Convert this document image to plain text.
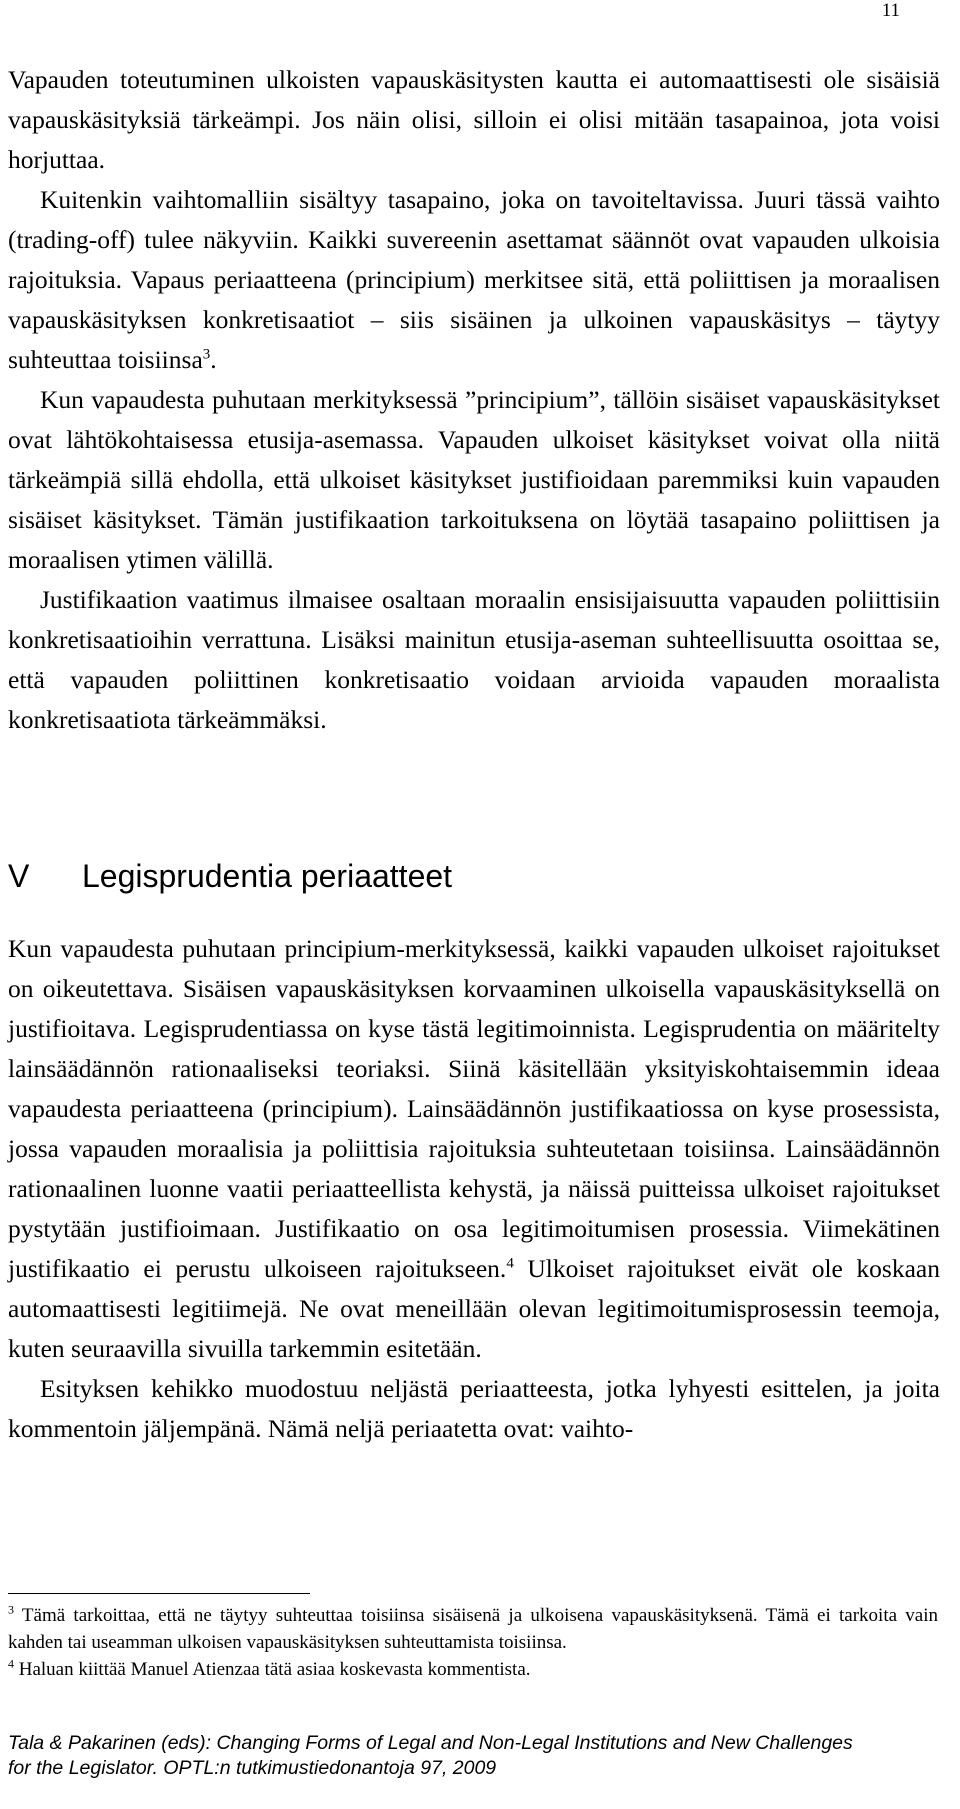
11

Vapauden toteutuminen ulkoisten vapauskäsitysten kautta ei automaattisesti ole sisäisiä vapauskäsityksiä tärkeämpi. Jos näin olisi, silloin ei olisi mitään tasapainoa, jota voisi horjuttaa.

Kuitenkin vaihtomalliin sisältyy tasapaino, joka on tavoiteltavissa. Juuri tässä vaihto (trading-off) tulee näkyviin. Kaikki suvereenin asettamat säännöt ovat vapauden ulkoisia rajoituksia. Vapaus periaatteena (principium) merkitsee sitä, että poliittisen ja moraalisen vapauskäsityksen konkretisaatiot – siis sisäinen ja ulkoinen vapauskäsitys – täytyy suhteuttaa toisiinsa$^3$.

Kun vapaudesta puhutaan merkityksessä ”principium”, tällöin sisäiset vapauskäsitykset ovat lähtökohtaisessa etusija-asemassa. Vapauden ulkoiset käsitykset voivat olla niitä tärkeämpiä sillä ehdolla, että ulkoiset käsitykset justifioidaan paremmiksi kuin vapauden sisäiset käsitykset. Tämän justifikaation tarkoituksena on löytää tasapaino poliittisen ja moraalisen ytimen välillä.

Justifikaation vaatimus ilmaisee osaltaan moraalin ensisijaisuutta vapauden poliittisiin konkretisaatioihin verrattuna. Lisäksi mainitun etusija-aseman suhteellisuutta osoittaa se, että vapauden poliittinen konkretisaatio voidaan arvioida vapauden moraalista konkretisaatiota tärkeämmäksi.

V Legisprudentia periaatteet

Kun vapaudesta puhutaan principium-merkityksessä, kaikki vapauden ulkoiset rajoitukset on oikeutettava. Sisäisen vapauskäsityksen korvaaminen ulkoisella vapauskäsityksellä on justifioitava. Legisprudentiassa on kyse tästä legitimoinnista. Legisprudentia on määritelty lainsäädännön rationaaliseksi teoriaksi. Siinä käsitellään yksityiskohtaisemmin ideaa vapaudesta periaatteena (principium). Lainsäädännön justifikaatiossa on kyse prosessista, jossa vapauden moraalisia ja poliittisia rajoituksia suhteutetaan toisiinsa. Lainsäädännön rationaalinen luonne vaatii periaatteellista kehystä, ja näissä puitteissa ulkoiset rajoitukset pystytään justifioimaan. Justifikaatio on osa legitimoitumisen prosessia. Viimekätinen justifikaatio ei perustu ulkoiseen rajoitukseen.$^4$ Ulkoiset rajoitukset eivät ole koskaan automaattisesti legitiimejä. Ne ovat meneillään olevan legitimoitumisprosessin teemoja, kuten seuraavilla sivuilla tarkemmin esitetään.

Esityksen kehikko muodostuu neljästä periaatteesta, jotka lyhyesti esittelen, ja joita kommentoin jäljempänä. Nämä neljä periaatetta ovat: vaihto-

$^3$ Tämä tarkoittaa, että ne täytyy suhteuttaa toisiinsa sisäisenä ja ulkoisena vapauskäsityksenä. Tämä ei tarkoita vain kahden tai useamman ulkoisen vapauskäsityksen suhteuttamista toisiinsa.

$^4$ Haluan kiittää Manuel Atienzaa tätä asiaa koskevasta kommentista.

Tala & Pakarinen (eds): Changing Forms of Legal and Non-Legal Institutions and New Challenges
for the Legislator. OPTL:n tutkimustiedonantoja 97, 2009
